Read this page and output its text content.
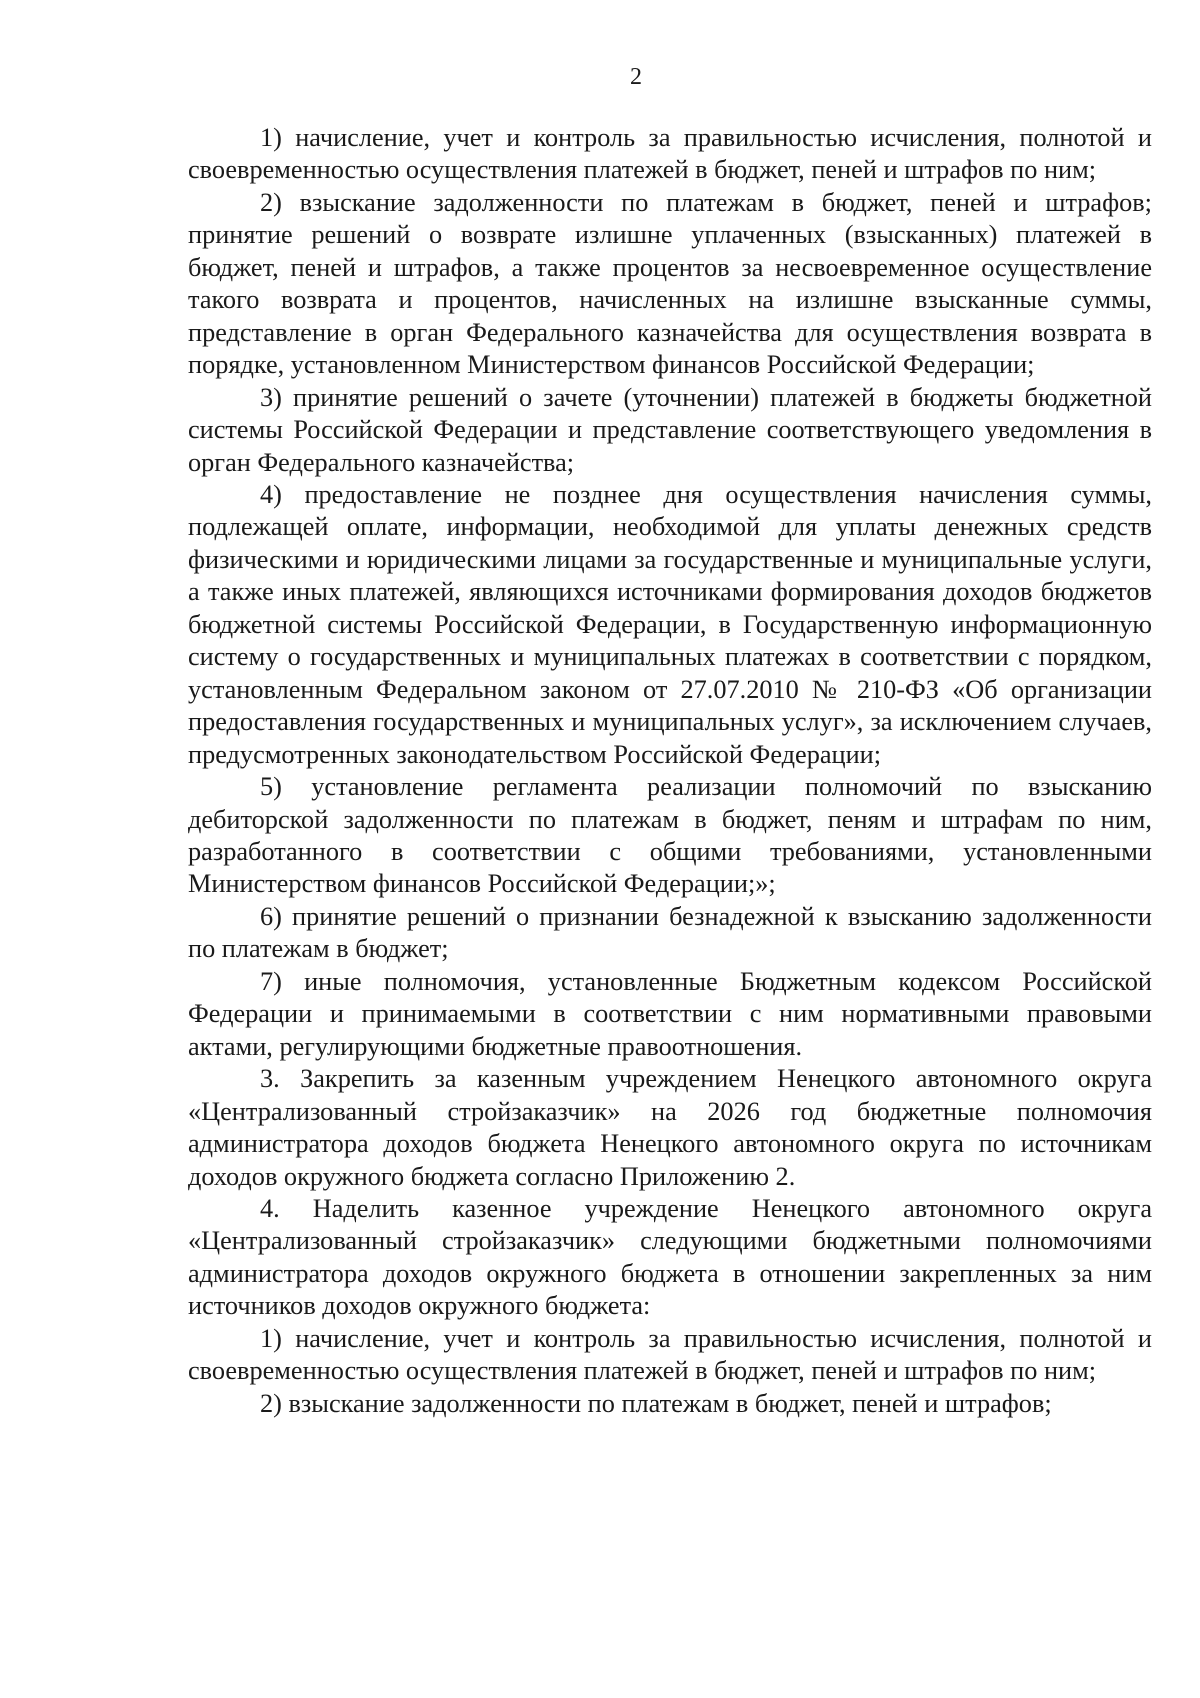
2

1) начисление, учет и контроль за правильностью исчисления, полнотой и своевременностью осуществления платежей в бюджет, пеней и штрафов по ним;

2) взыскание задолженности по платежам в бюджет, пеней и штрафов; принятие решений о возврате излишне уплаченных (взысканных) платежей в бюджет, пеней и штрафов, а также процентов за несвоевременное осуществление такого возврата и процентов, начисленных на излишне взысканные суммы, представление в орган Федерального казначейства для осуществления возврата в порядке, установленном Министерством финансов Российской Федерации;

3) принятие решений о зачете (уточнении) платежей в бюджеты бюджетной системы Российской Федерации и представление соответствующего уведомления в орган Федерального казначейства;

4) предоставление не позднее дня осуществления начисления суммы, подлежащей оплате, информации, необходимой для уплаты денежных средств физическими и юридическими лицами за государственные и муниципальные услуги, а также иных платежей, являющихся источниками формирования доходов бюджетов бюджетной системы Российской Федерации, в Государственную информационную систему о государственных и муниципальных платежах в соответствии с порядком, установленным Федеральном законом от 27.07.2010 № 210-ФЗ «Об организации предоставления государственных и муниципальных услуг», за исключением случаев, предусмотренных законодательством Российской Федерации;

5) установление регламента реализации полномочий по взысканию дебиторской задолженности по платежам в бюджет, пеням и штрафам по ним, разработанного в соответствии с общими требованиями, установленными Министерством финансов Российской Федерации;»;

6) принятие решений о признании безнадежной к взысканию задолженности по платежам в бюджет;

7) иные полномочия, установленные Бюджетным кодексом Российской Федерации и принимаемыми в соответствии с ним нормативными правовыми актами, регулирующими бюджетные правоотношения.

3. Закрепить за казенным учреждением Ненецкого автономного округа «Централизованный стройзаказчик» на 2026 год бюджетные полномочия администратора доходов бюджета Ненецкого автономного округа по источникам доходов окружного бюджета согласно Приложению 2.

4. Наделить казенное учреждение Ненецкого автономного округа «Централизованный стройзаказчик» следующими бюджетными полномочиями администратора доходов окружного бюджета в отношении закрепленных за ним источников доходов окружного бюджета:

1) начисление, учет и контроль за правильностью исчисления, полнотой и своевременностью осуществления платежей в бюджет, пеней и штрафов по ним;

2) взыскание задолженности по платежам в бюджет, пеней и штрафов;
